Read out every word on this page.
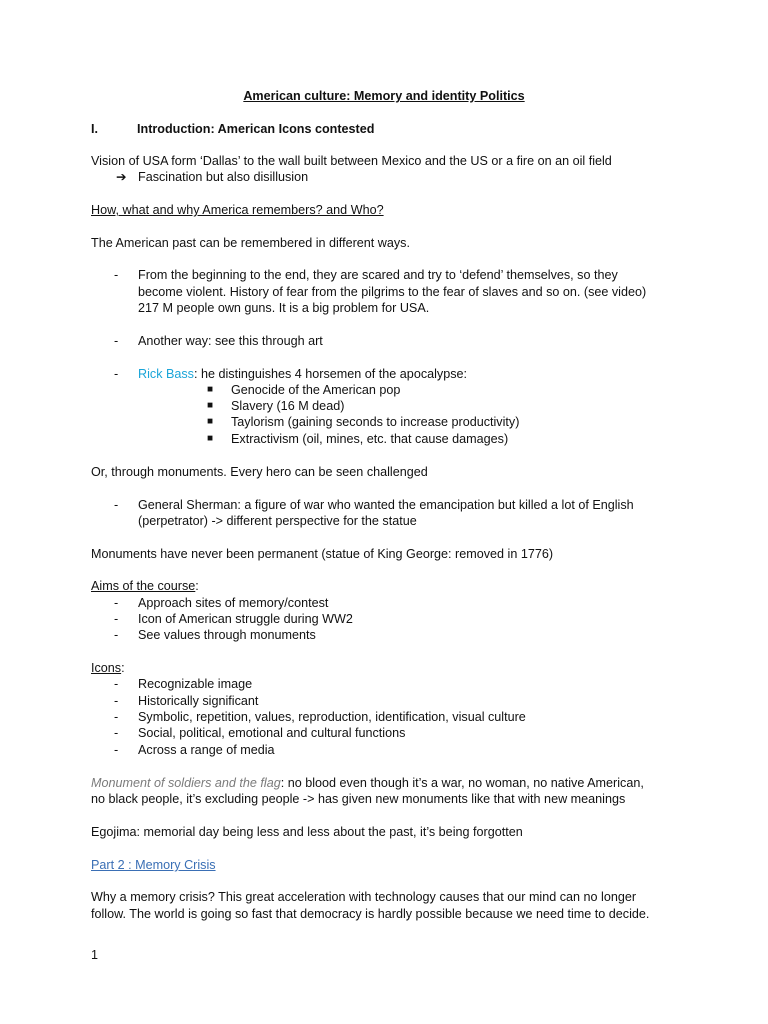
American culture: Memory and identity Politics
I.	Introduction: American Icons contested
Vision of USA form ‘Dallas’ to the wall built between Mexico and the US or a fire on an oil field
➔ Fascination but also disillusion
How, what and why America remembers? and Who?
The American past can be remembered in different ways.
- From the beginning to the end, they are scared and try to ‘defend’ themselves, so they
become violent. History of fear from the pilgrims to the fear of slaves and so on. (see video)
217 M people own guns. It is a big problem for USA.
- Another way: see this through art
- Rick Bass: he distinguishes 4 horsemen of the apocalypse:
■ Genocide of the American pop
■ Slavery (16 M dead)
■ Taylorism (gaining seconds to increase productivity)
■ Extractivism (oil, mines, etc. that cause damages)
Or, through monuments. Every hero can be seen challenged
- General Sherman: a figure of war who wanted the emancipation but killed a lot of English
(perpetrator) -> different perspective for the statue
Monuments have never been permanent (statue of King George: removed in 1776)
Aims of the course:
- Approach sites of memory/contest
- Icon of American struggle during WW2
- See values through monuments
Icons:
- Recognizable image
- Historically significant
- Symbolic, repetition, values, reproduction, identification, visual culture
- Social, political, emotional and cultural functions
- Across a range of media
Monument of soldiers and the flag: no blood even though it’s a war, no woman, no native American,
no black people, it’s excluding people -> has given new monuments like that with new meanings
Egojima: memorial day being less and less about the past, it’s being forgotten
Part 2 : Memory Crisis
Why a memory crisis? This great acceleration with technology causes that our mind can no longer
follow. The world is going so fast that democracy is hardly possible because we need time to decide.
1
